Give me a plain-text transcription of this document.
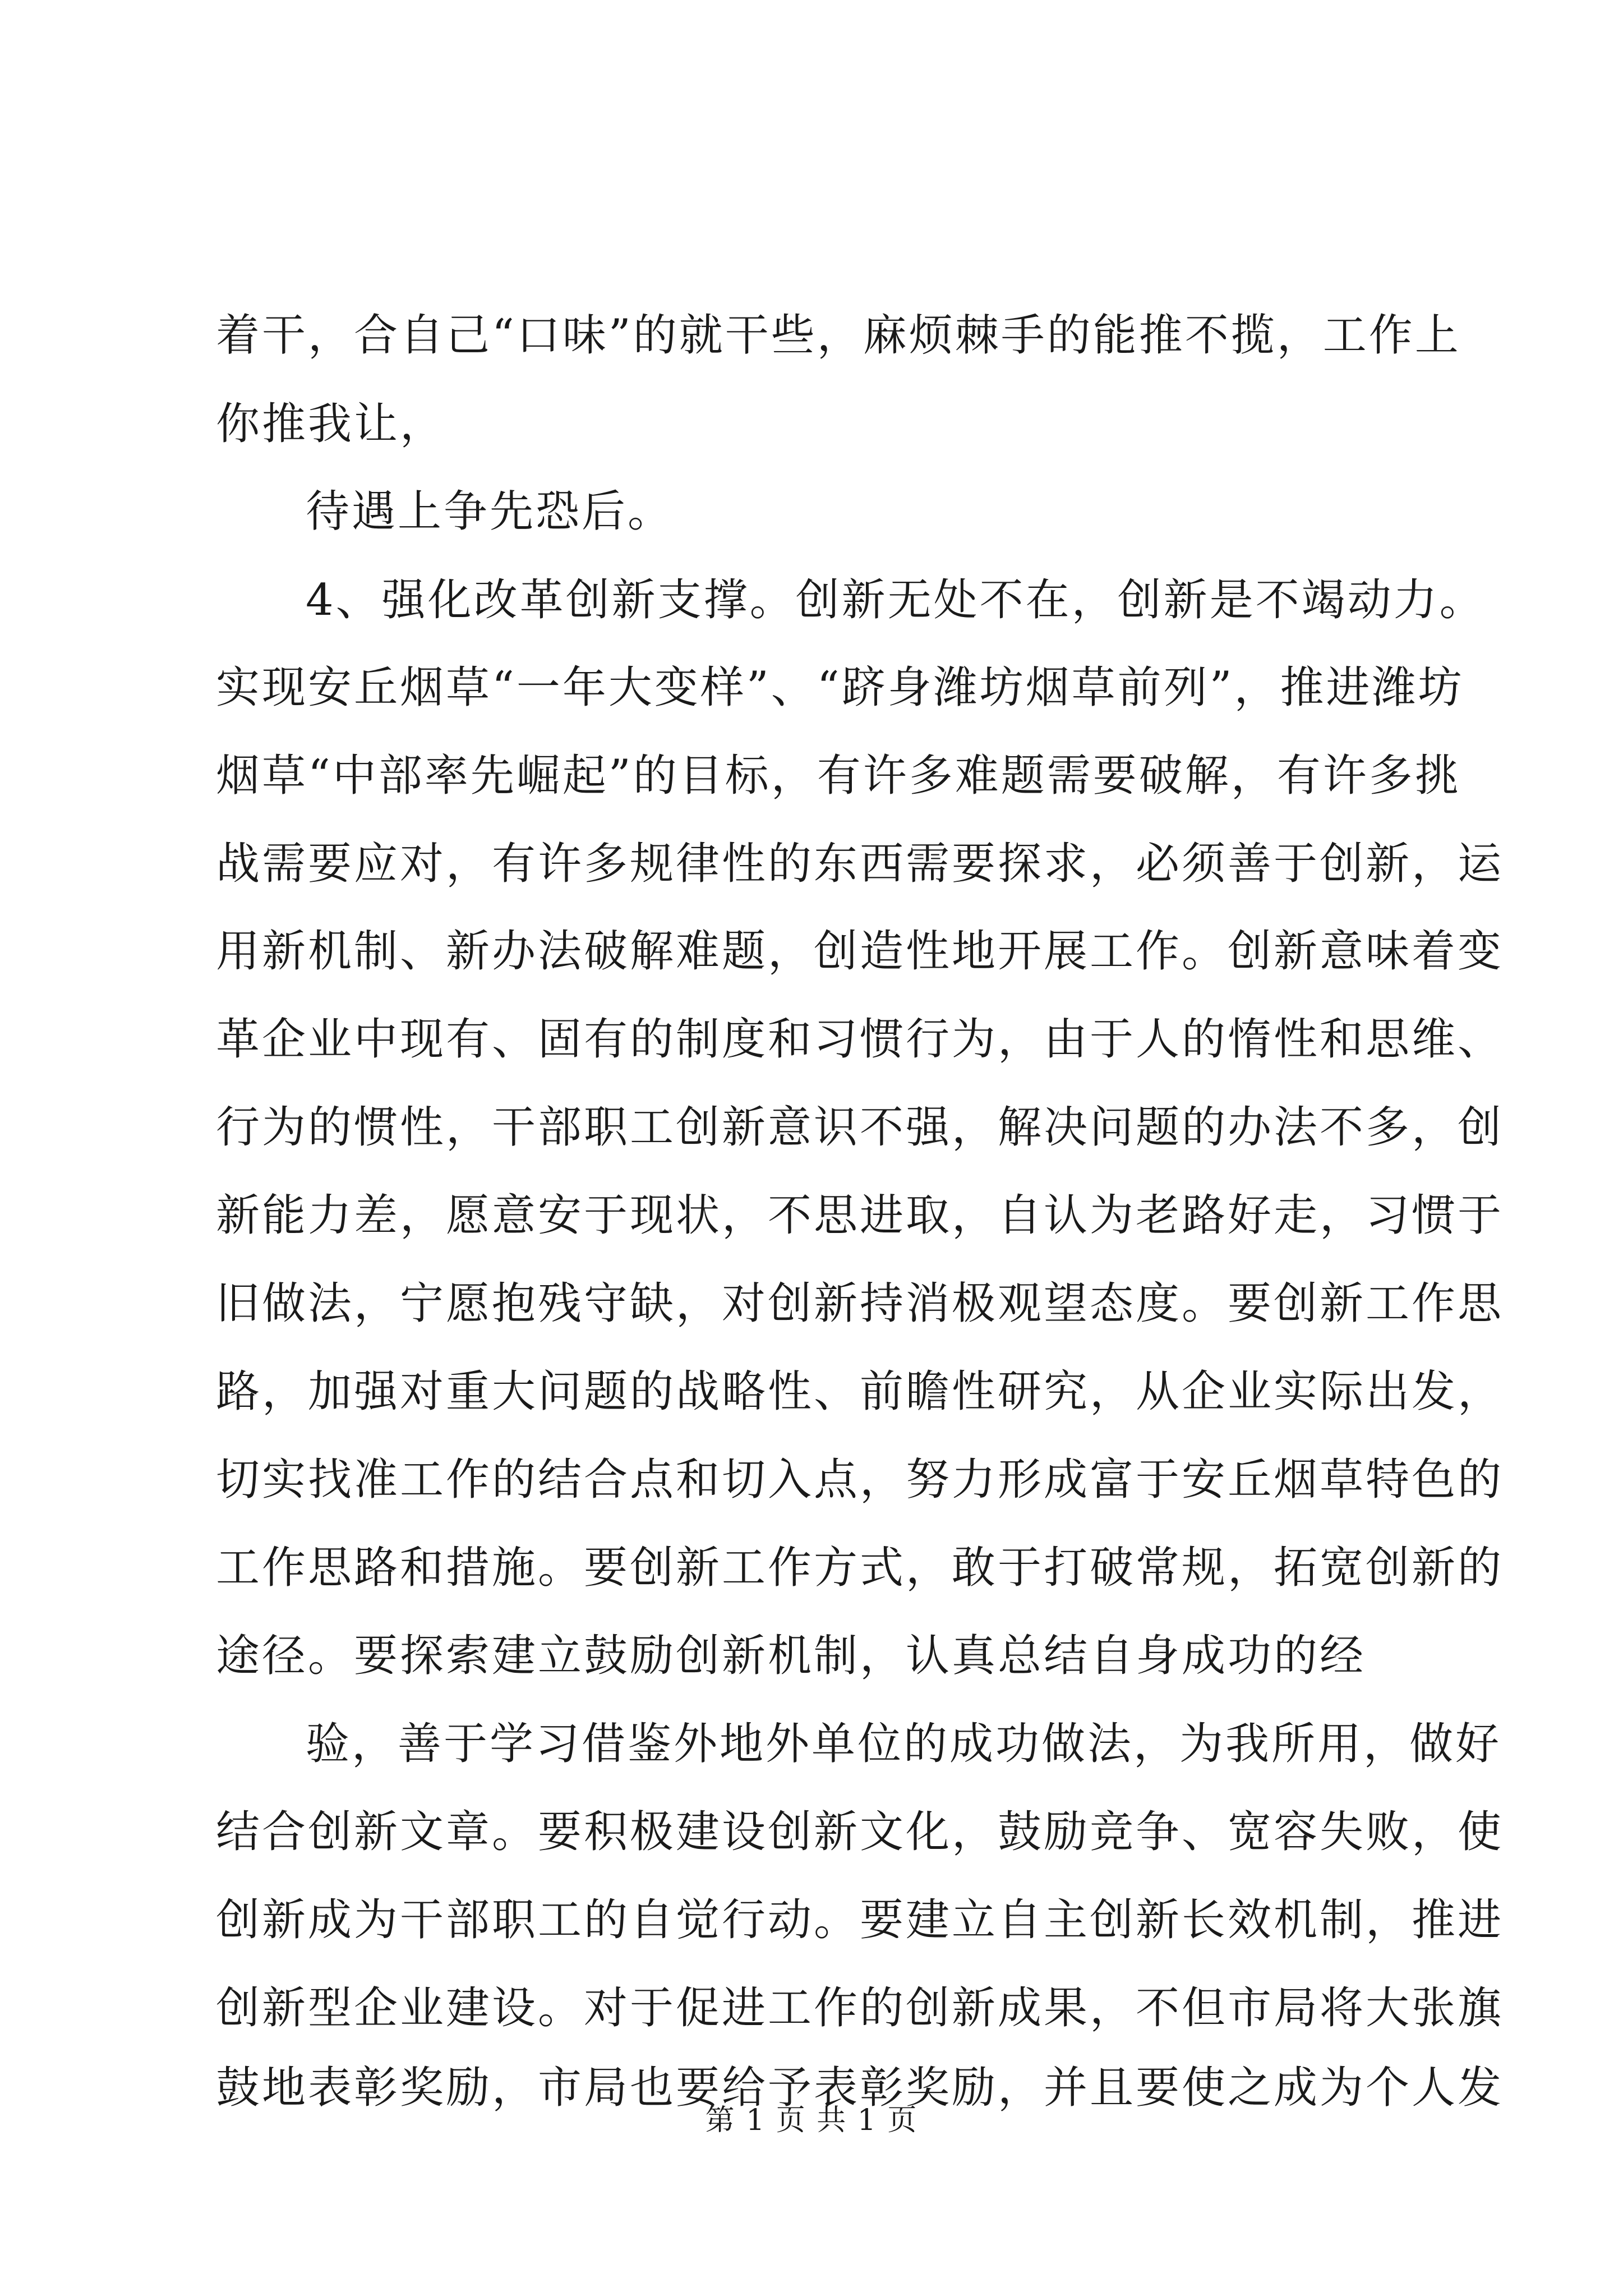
着干，合自己“口味”的就干些，麻烦棘手的能推不揽，工作上
你推我让，
待遇上争先恐后。
4、强化改革创新支撑。创新无处不在，创新是不竭动力。
实现安丘烟草“一年大变样”、“跻身潍坊烟草前列”，推进潍坊
烟草“中部率先崛起”的目标，有许多难题需要破解，有许多挑
战需要应对，有许多规律性的东西需要探求，必须善于创新，运
用新机制、新办法破解难题，创造性地开展工作。创新意味着变
革企业中现有、固有的制度和习惯行为，由于人的惰性和思维、
行为的惯性，干部职工创新意识不强，解决问题的办法不多，创
新能力差，愿意安于现状，不思进取，自认为老路好走，习惯于
旧做法，宁愿抱残守缺，对创新持消极观望态度。要创新工作思
路，加强对重大问题的战略性、前瞻性研究，从企业实际出发，
切实找准工作的结合点和切入点，努力形成富于安丘烟草特色的
工作思路和措施。要创新工作方式，敢于打破常规，拓宽创新的
途径。要探索建立鼓励创新机制，认真总结自身成功的经
验，善于学习借鉴外地外单位的成功做法，为我所用，做好
结合创新文章。要积极建设创新文化，鼓励竞争、宽容失败，使
创新成为干部职工的自觉行动。要建立自主创新长效机制，推进
创新型企业建设。对于促进工作的创新成果，不但市局将大张旗
鼓地表彰奖励，市局也要给予表彰奖励，并且要使之成为个人发
第 1 页 共 1 页
